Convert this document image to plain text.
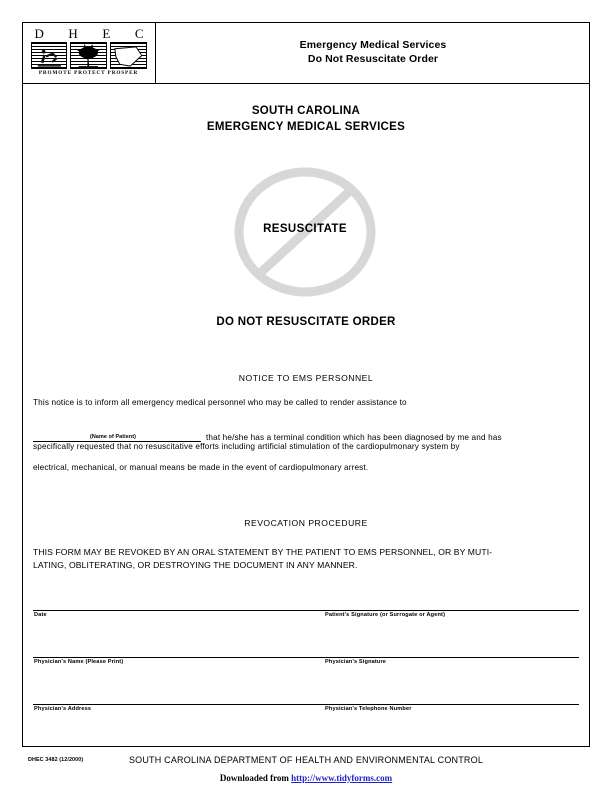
D H E C
PROMOTE PROTECT PROSPER
Emergency Medical Services
Do Not Resuscitate Order
SOUTH CAROLINA
EMERGENCY MEDICAL SERVICES
RESUSCITATE
DO NOT RESUSCITATE ORDER
NOTICE TO EMS PERSONNEL
This notice is to inform all emergency medical personnel who may be called to render assistance to
that he/she has a terminal condition which has been diagnosed by me and has
specifically requested that no resuscitative efforts including artificial stimulation of the cardiopulmonary system by
electrical, mechanical, or manual means be made in the event of cardiopulmonary arrest.
(Name of Patient)
REVOCATION PROCEDURE
THIS FORM MAY BE REVOKED BY AN ORAL STATEMENT BY THE PATIENT TO EMS PERSONNEL, OR BY MUTI-
LATING, OBLITERATING, OR DESTROYING THE DOCUMENT IN ANY MANNER.
Date	Patient's Signature (or Surrogate or Agent)
Physician's Name (Please Print)	Physician's Signature
Physician's Address	Physician's Telephone Number
DHEC 3482 (12/2000)	SOUTH CAROLINA DEPARTMENT OF HEALTH AND ENVIRONMENTAL CONTROL
Downloaded from http://www.tidyforms.com
